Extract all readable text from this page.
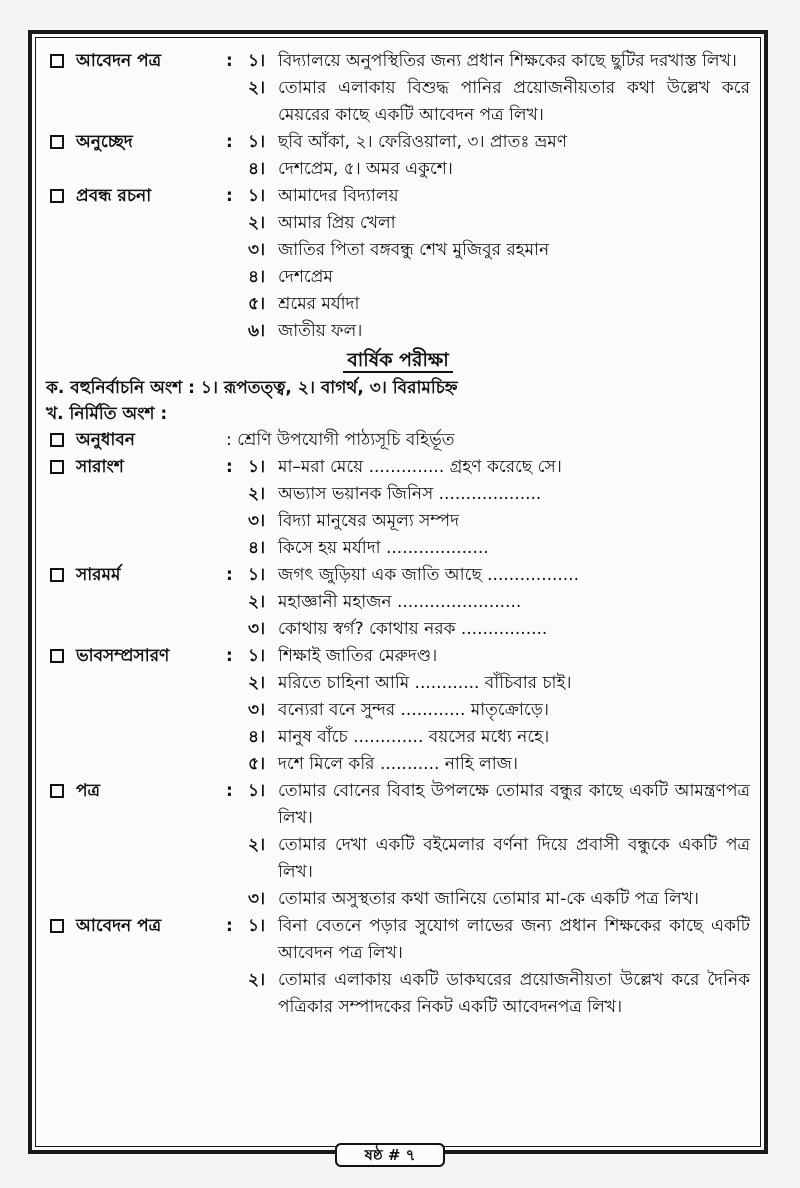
আবেদন পত্র	: ১। বিদ্যালয়ে অনুপস্থিতির জন্য প্রধান শিক্ষকের কাছে ছুটির দরখাস্ত লিখ।
২। তোমার এলাকায় বিশুদ্ধ পানির প্রয়োজনীয়তার কথা উল্লেখ করে মেয়রের কাছে একটি আবেদন পত্র লিখ।
অনুচ্ছেদ	: ১। ছবি আঁকা, ২। ফেরিওয়ালা, ৩। প্রাতঃ ভ্রমণ
৪। দেশপ্রেম, ৫। অমর একুশে।
প্রবন্ধ রচনা	: ১। আমাদের বিদ্যালয়
২। আমার প্রিয় খেলা
৩। জাতির পিতা বঙ্গবন্ধু শেখ মুজিবুর রহমান
৪। দেশপ্রেম
৫। শ্রমের মর্যাদা
৬। জাতীয় ফল।
বার্ষিক পরীক্ষা
ক. বহুনির্বাচনি অংশ : ১। রূপতত্ত্ব, ২। বাগর্থ, ৩। বিরামচিহ্ন
খ. নির্মিতি অংশ :
অনুধাবন	: শ্রেণি উপযোগী পাঠ্যসূচি বহির্ভূত
সারাংশ	: ১। মা–মরা মেয়ে .............. গ্রহণ করেছে সে।
২। অভ্যাস ভয়ানক জিনিস ...................
৩। বিদ্যা মানুষের অমূল্য সম্পদ
৪। কিসে হয় মর্যাদা ...................
সারমর্ম	: ১। জগৎ জুড়িয়া এক জাতি আছে .................
২। মহাজ্ঞানী মহাজন .......................
৩। কোথায় স্বর্গ? কোথায় নরক ................
ভাবসম্প্রসারণ	: ১। শিক্ষাই জাতির মেরুদণ্ড।
২। মরিতে চাহিনা আমি ............ বাঁচিবার চাই।
৩। বন্যেরা বনে সুন্দর ............ মাতৃক্রোড়ে।
৪। মানুষ বাঁচে ............. বয়সের মধ্যে নহে।
৫। দশে মিলে করি ........... নাহি লাজ।
পত্র	: ১। তোমার বোনের বিবাহ উপলক্ষে তোমার বন্ধুর কাছে একটি আমন্ত্রণপত্র লিখ।
২। তোমার দেখা একটি বইমেলার বর্ণনা দিয়ে প্রবাসী বন্ধুকে একটি পত্র লিখ।
৩। তোমার অসুস্থতার কথা জানিয়ে তোমার মা-কে একটি পত্র লিখ।
আবেদন পত্র	: ১। বিনা বেতনে পড়ার সুযোগ লাভের জন্য প্রধান শিক্ষকের কাছে একটি আবেদন পত্র লিখ।
২। তোমার এলাকায় একটি ডাকঘরের প্রয়োজনীয়তা উল্লেখ করে দৈনিক পত্রিকার সম্পাদকের নিকট একটি আবেদনপত্র লিখ।
ষষ্ঠ # ৭
